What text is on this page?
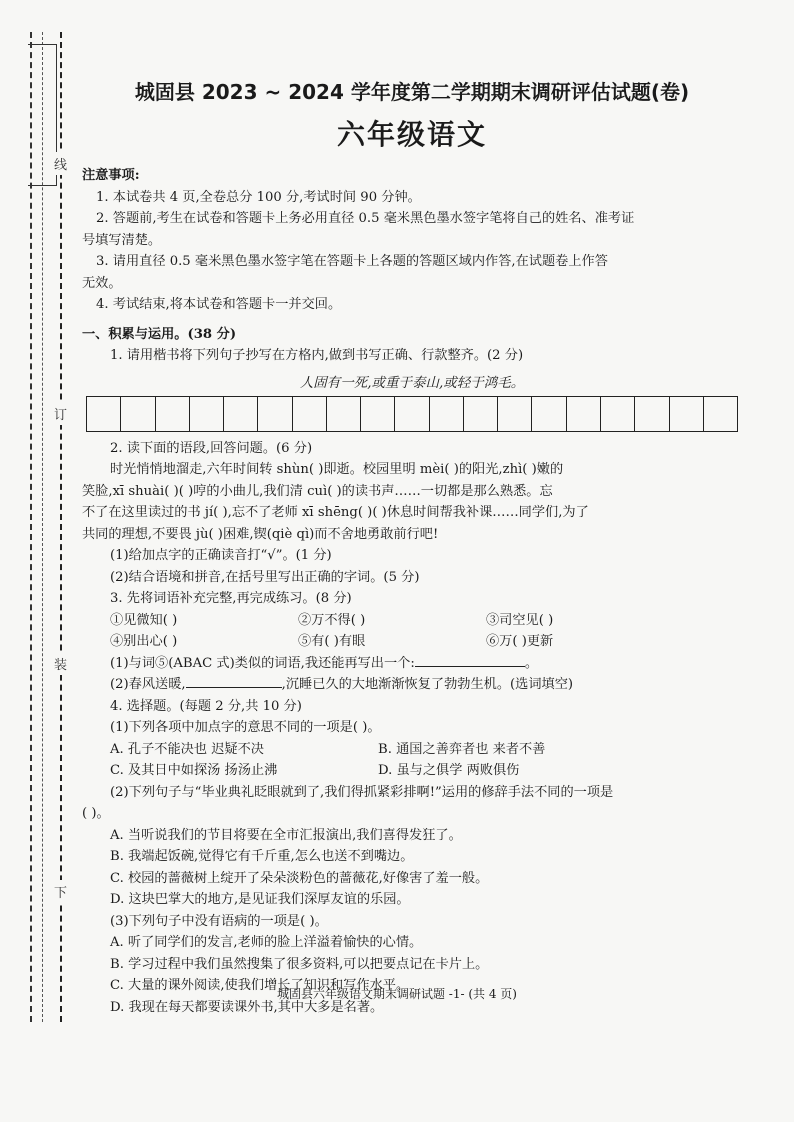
线
订
装
下
城固县 2023 ~ 2024 学年度第二学期期末调研评估试题(卷)
六年级语文

注意事项:

1. 本试卷共 4 页,全卷总分 100 分,考试时间 90 分钟。

2. 答题前,考生在试卷和答题卡上务必用直径 0.5 毫米黑色墨水签字笔将自己的姓名、准考证

号填写清楚。

3. 请用直径 0.5 毫米黑色墨水签字笔在答题卡上各题的答题区域内作答,在试题卷上作答

无效。

4. 考试结束,将本试卷和答题卡一并交回。

一、积累与运用。(38 分)

1. 请用楷书将下列句子抄写在方格内,做到书写正确、行款整齐。(2 分)

人固有一死,或重于泰山,或轻于鸿毛。

2. 读下面的语段,回答问题。(6 分)

时光悄悄地溜走,六年时间转 shùn( )即逝。校园里明 mèi( )的阳光,zhì( )嫩的

笑脸,xī shuài( )( )哼的小曲儿,我们清 cuì( )的读书声……一切都是那么熟悉。忘

不了在这里读过的书 jí( ),忘不了老师 xī shēng( )( )休息时间帮我补课……同学们,为了

共同的理想,不要畏 jù( )困难,锲(qiè qì)而不舍地勇敢前行吧!

(1)给加点字的正确读音打“√”。(1 分)

(2)结合语境和拼音,在括号里写出正确的字词。(5 分)

3. 先将词语补充完整,再完成练习。(8 分)

①见微知( )	②万不得( )	③司空见( )
④别出心( )	⑤有( )有眼	⑥万( )更新

(1)与词⑤(ABAC 式)类似的词语,我还能再写出一个:	。

(2)春风送暖,	,沉睡已久的大地渐渐恢复了勃勃生机。(选词填空)

4. 选择题。(每题 2 分,共 10 分)

(1)下列各项中加点字的意思不同的一项是( )。

A. 孔子不能决也 迟疑不决	B. 通国之善弈者也 来者不善
C. 及其日中如探汤 扬汤止沸	D. 虽与之俱学 两败俱伤

(2)下列句子与“毕业典礼眨眼就到了,我们得抓紧彩排啊!”运用的修辞手法不同的一项是

( )。

A. 当听说我们的节目将要在全市汇报演出,我们喜得发狂了。

B. 我端起饭碗,觉得它有千斤重,怎么也送不到嘴边。

C. 校园的蔷薇树上绽开了朵朵淡粉色的蔷薇花,好像害了羞一般。

D. 这块巴掌大的地方,是见证我们深厚友谊的乐园。

(3)下列句子中没有语病的一项是( )。

A. 听了同学们的发言,老师的脸上洋溢着愉快的心情。

B. 学习过程中我们虽然搜集了很多资料,可以把要点记在卡片上。

C. 大量的课外阅读,使我们增长了知识和写作水平。

D. 我现在每天都要读课外书,其中大多是名著。

城固县六年级语文期末调研试题 -1- (共 4 页)
